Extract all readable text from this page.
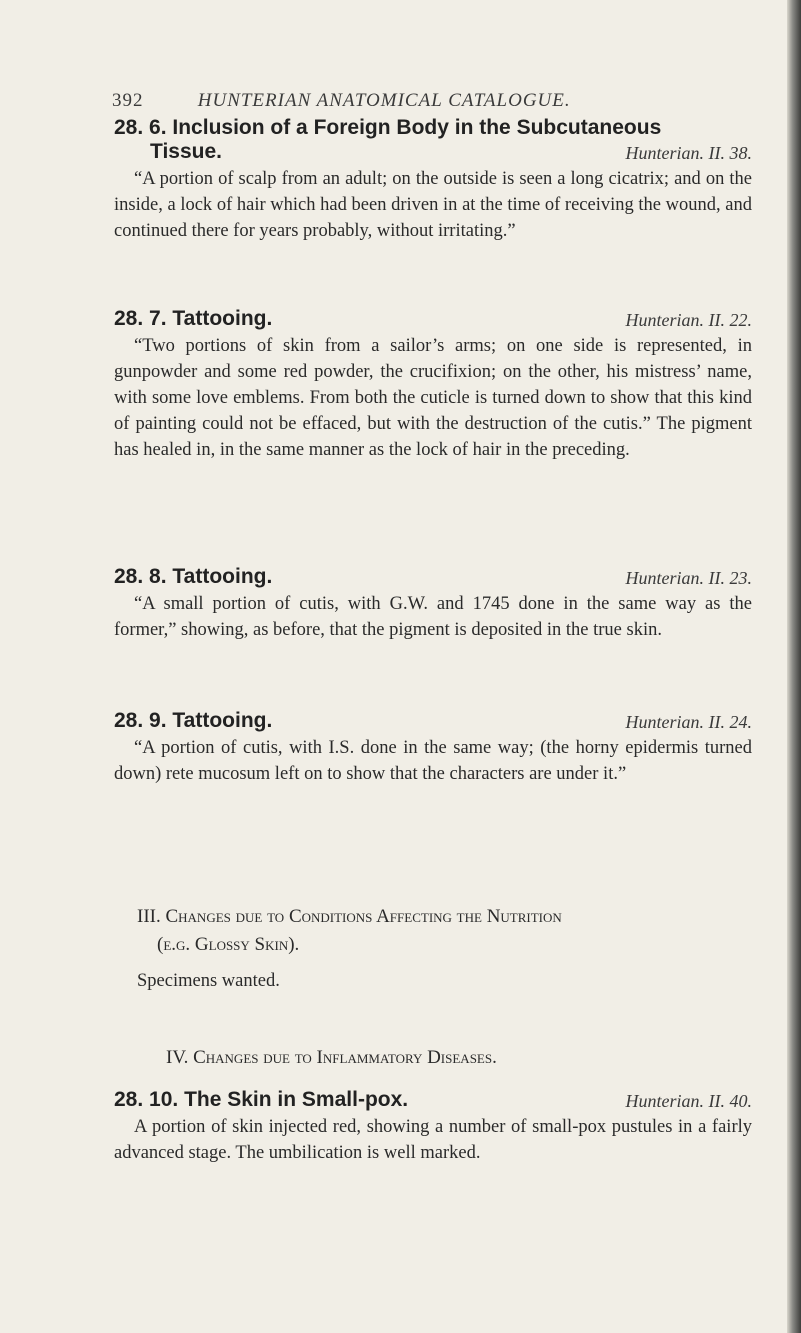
392	HUNTERIAN ANATOMICAL CATALOGUE.
28. 6. Inclusion of a Foreign Body in the Subcutaneous
Hunterian. II. 38.
Tissue.
“A portion of scalp from an adult; on the outside is seen a long cicatrix; and on the inside, a lock of hair which had been driven in at the time of receiving the wound, and continued there for years probably, without irritating.”
Hunterian. II. 22.
28. 7. Tattooing.
“Two portions of skin from a sailor’s arms; on one side is represented, in gunpowder and some red powder, the crucifixion; on the other, his mistress’ name, with some love emblems. From both the cuticle is turned down to show that this kind of painting could not be effaced, but with the destruction of the cutis.” The pigment has healed in, in the same manner as the lock of hair in the preceding.
Hunterian. II. 23.
28. 8. Tattooing.
“A small portion of cutis, with G.W. and 1745 done in the same way as the former,” showing, as before, that the pigment is deposited in the true skin.
Hunterian. II. 24.
28. 9. Tattooing.
“A portion of cutis, with I.S. done in the same way; (the horny epidermis turned down) rete mucosum left on to show that the characters are under it.”
III. Changes due to Conditions Affecting the Nutrition
(e.g. Glossy Skin).
Specimens wanted.
IV. Changes due to Inflammatory Diseases.
Hunterian. II. 40.
28. 10. The Skin in Small-pox.
A portion of skin injected red, showing a number of small-pox pustules in a fairly advanced stage. The umbilication is well marked.
